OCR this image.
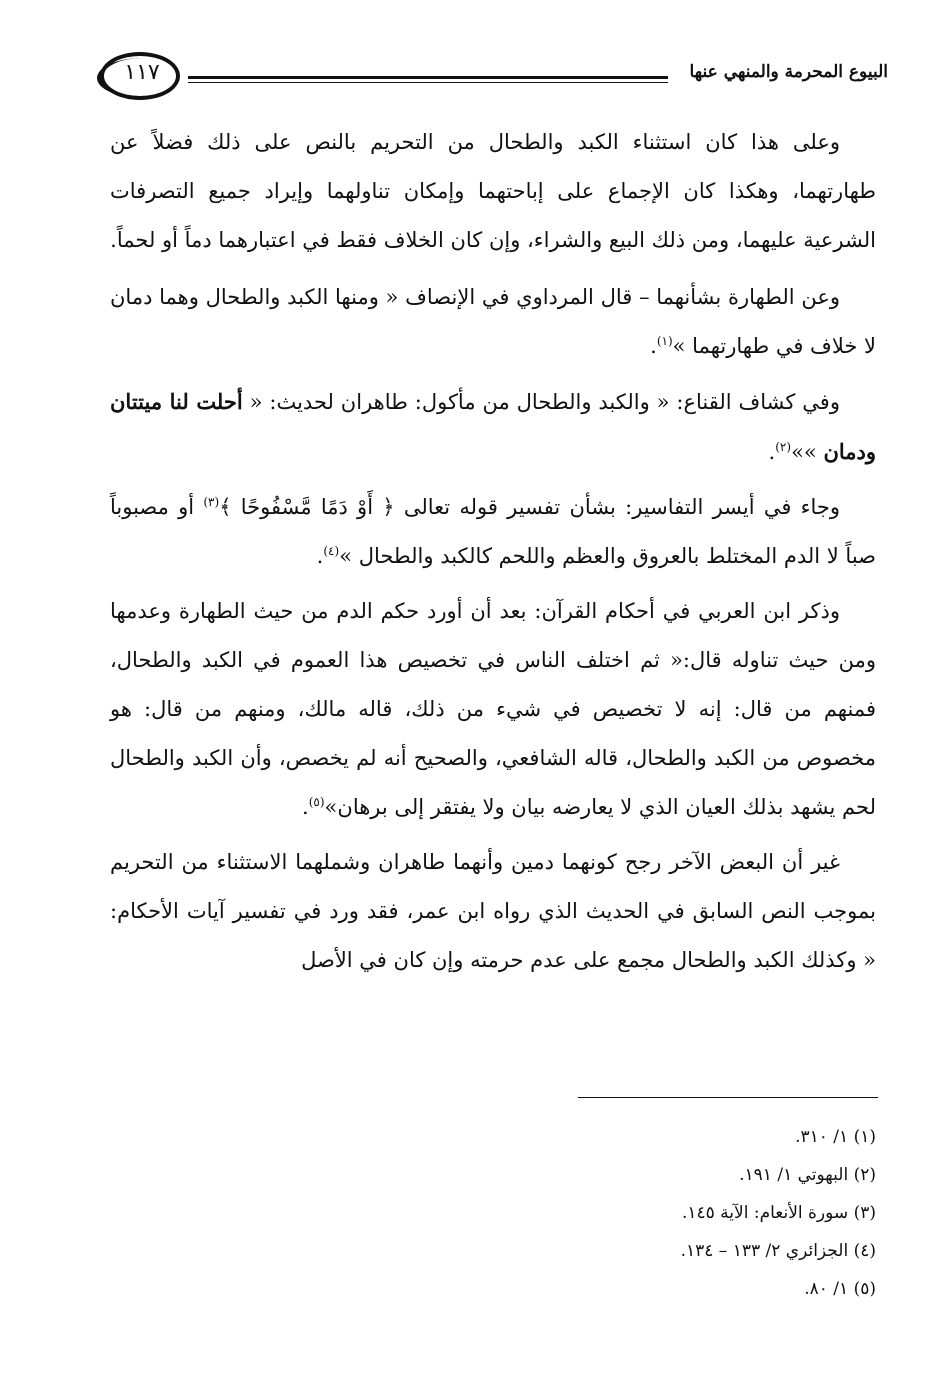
١١٧	البيوع المحرمة والمنهي عنها

وعلى هذا كان استثناء الكبد والطحال من التحريم بالنص على ذلك فضلاً عن طهارتهما، وهكذا كان الإجماع على إباحتهما وإمكان تناولهما وإيراد جميع التصرفات الشرعية عليهما، ومن ذلك البيع والشراء، وإن كان الخلاف فقط في اعتبارهما دماً أو لحماً.

وعن الطهارة بشأنهما – قال المرداوي في الإنصاف « ومنها الكبد والطحال وهما دمان لا خلاف في طهارتهما »$^{(١)}$.

وفي كشاف القناع: « والكبد والطحال من مأكول: طاهران لحديث: « أحلت لنا ميتتان ودمان »»$^{(٢)}$.

وجاء في أيسر التفاسير: بشأن تفسير قوله تعالى ﴿ أَوْ دَمًا مَّسْفُوحًا ﴾$^{(٣)}$ أو مصبوباً صباً لا الدم المختلط بالعروق والعظم واللحم كالكبد والطحال »$^{(٤)}$.

وذكر ابن العربي في أحكام القرآن: بعد أن أورد حكم الدم من حيث الطهارة وعدمها ومن حيث تناوله قال:« ثم اختلف الناس في تخصيص هذا العموم في الكبد والطحال، فمنهم من قال: إنه لا تخصيص في شيء من ذلك، قاله مالك، ومنهم من قال: هو مخصوص من الكبد والطحال، قاله الشافعي، والصحيح أنه لم يخصص، وأن الكبد والطحال لحم يشهد بذلك العيان الذي لا يعارضه بيان ولا يفتقر إلى برهان»$^{(٥)}$.

غير أن البعض الآخر رجح كونهما دمين وأنهما طاهران وشملهما الاستثناء من التحريم بموجب النص السابق في الحديث الذي رواه ابن عمر، فقد ورد في تفسير آيات الأحكام: « وكذلك الكبد والطحال مجمع على عدم حرمته وإن كان في الأصل

(١) ١/ ٣١٠.
(٢) البهوتي ١/ ١٩١.
(٣) سورة الأنعام: الآية ١٤٥.
(٤) الجزائري ٢/ ١٣٣ – ١٣٤.
(٥) ١/ ٨٠.
